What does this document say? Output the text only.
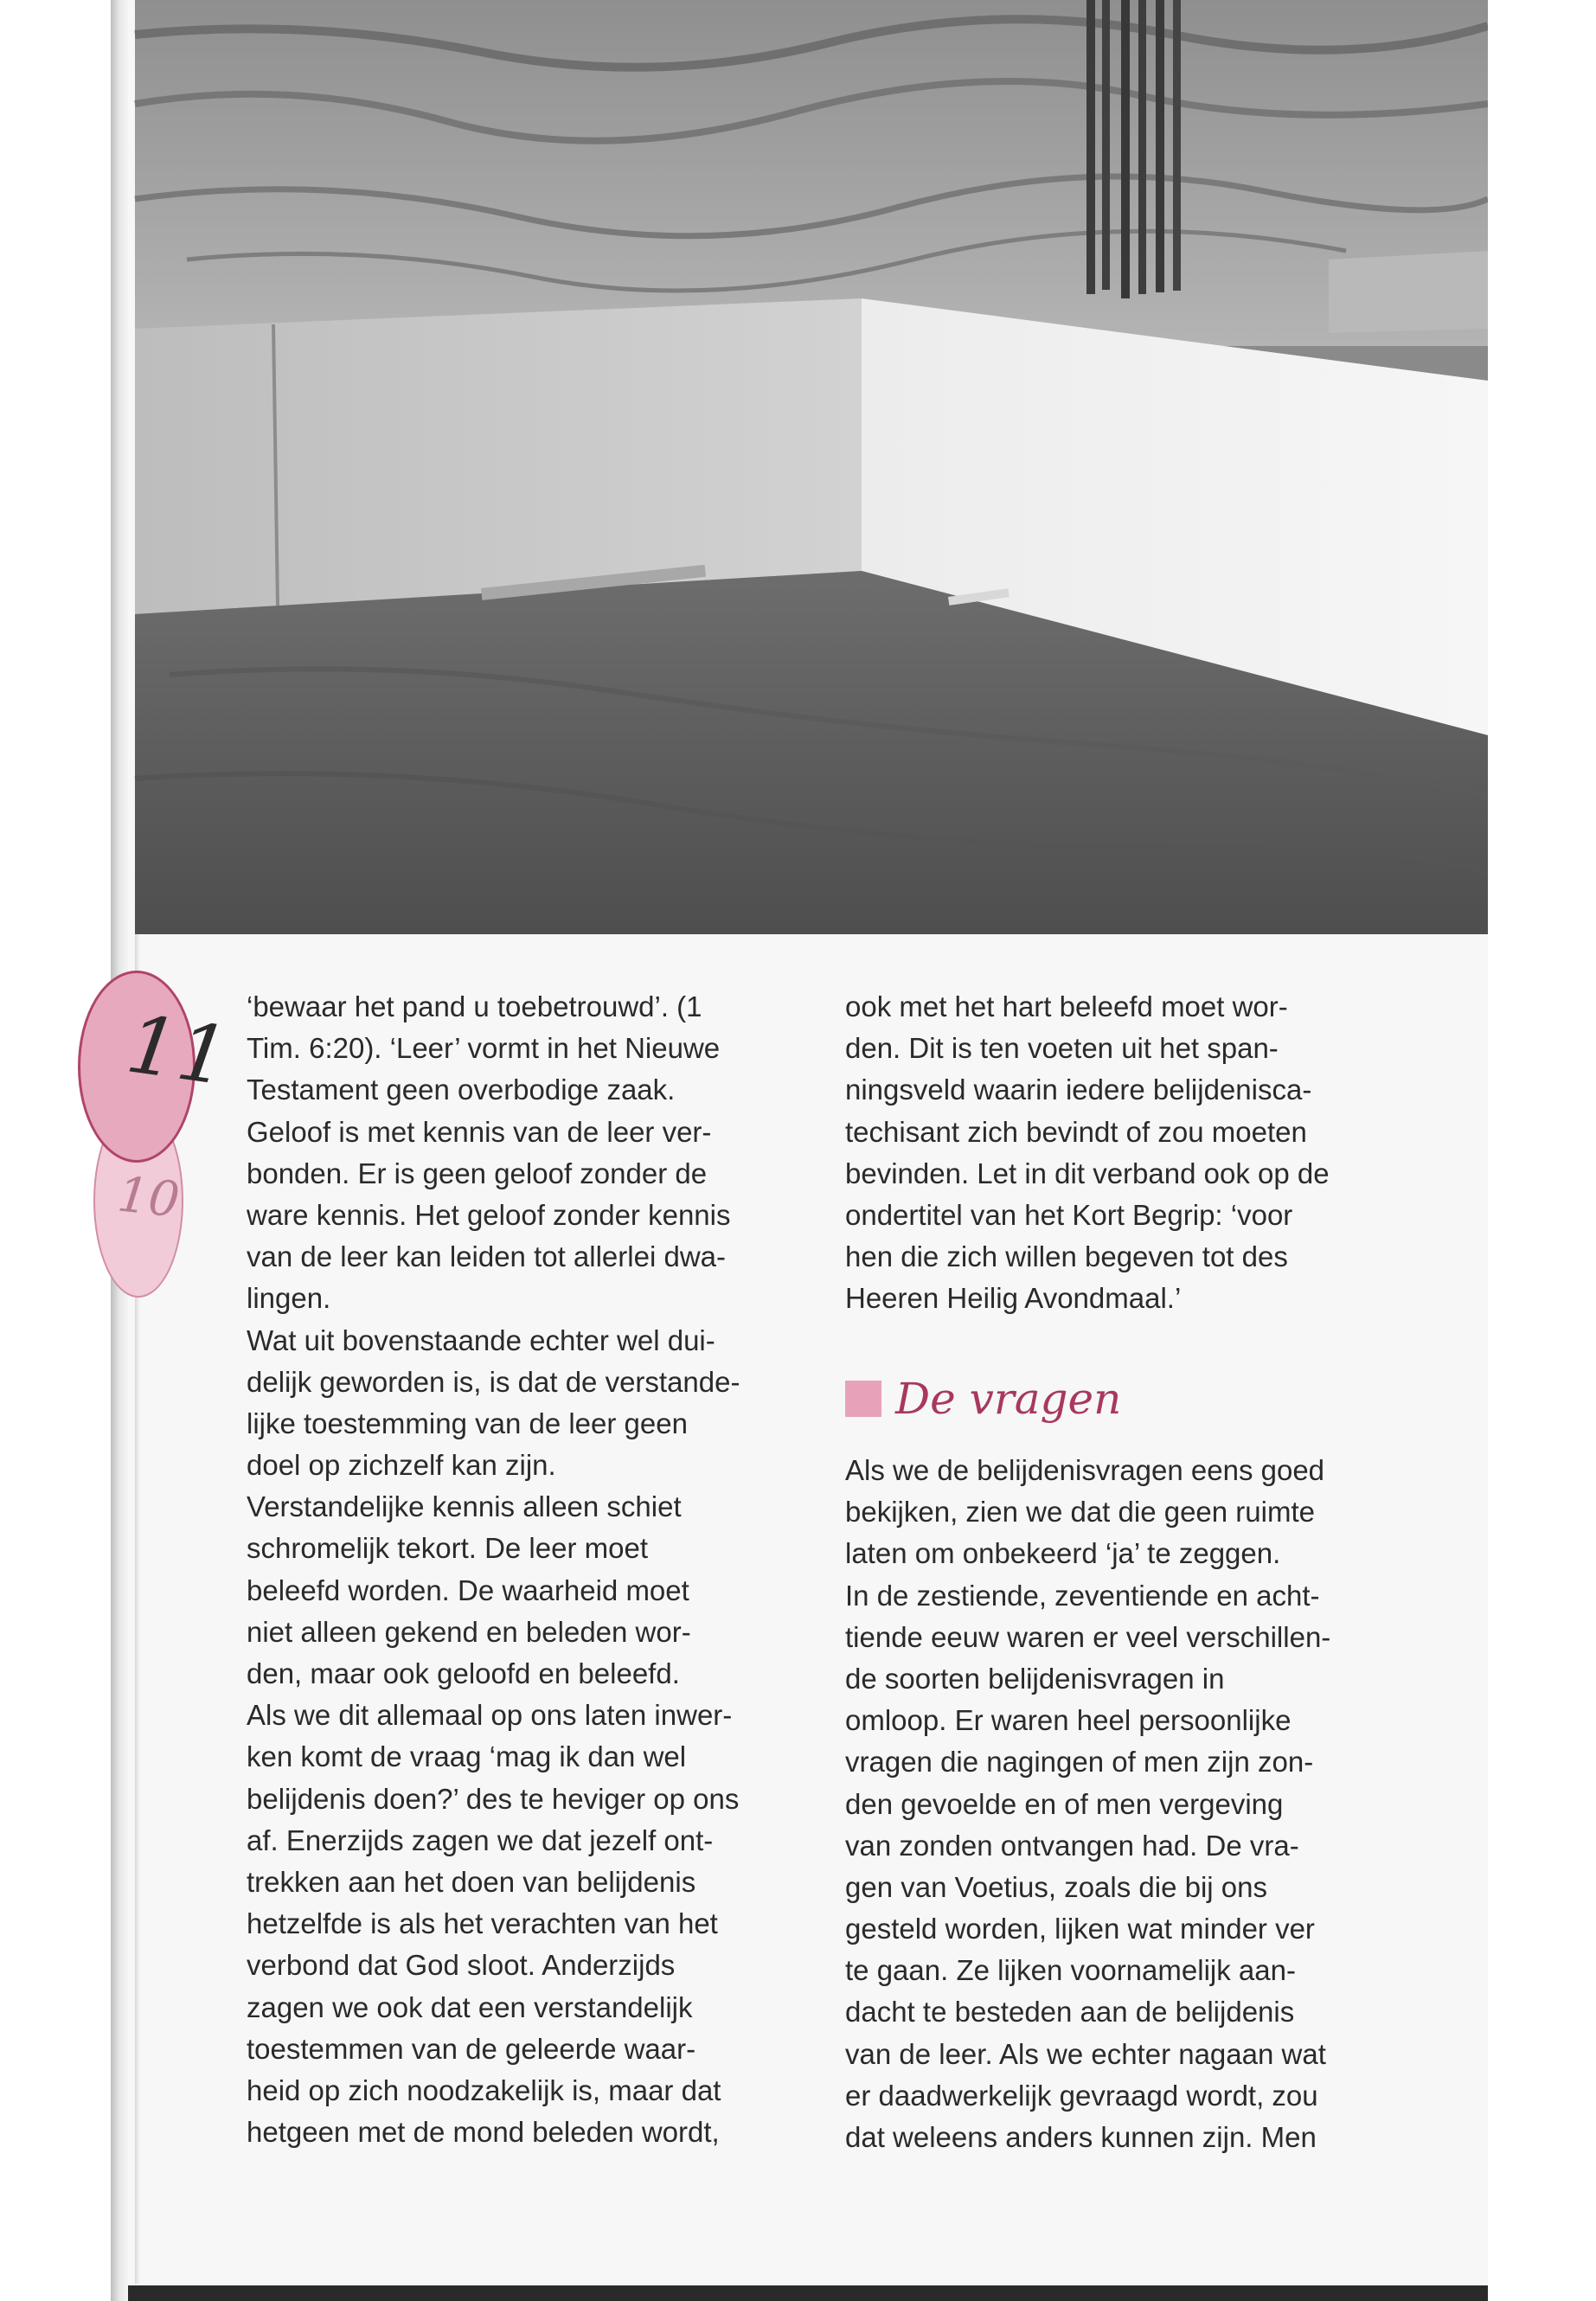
10
11 ‘bewaar het pand u toebetrouwd’. (1
Tim. 6:20). ‘Leer’ vormt in het Nieuwe
Testament geen overbodige zaak.
Geloof is met kennis van de leer ver-
bonden. Er is geen geloof zonder de
ware kennis. Het geloof zonder kennis
van de leer kan leiden tot allerlei dwa-
lingen.
Wat uit bovenstaande echter wel dui-
delijk geworden is, is dat de verstande-
lijke toestemming van de leer geen
doel op zichzelf kan zijn.
Verstandelijke kennis alleen schiet
schromelijk tekort. De leer moet
beleefd worden. De waarheid moet
niet alleen gekend en beleden wor-
den, maar ook geloofd en beleefd.
Als we dit allemaal op ons laten inwer-
ken komt de vraag ‘mag ik dan wel
belijdenis doen?’ des te heviger op ons
af. Enerzijds zagen we dat jezelf ont-
trekken aan het doen van belijdenis
hetzelfde is als het verachten van het
verbond dat God sloot. Anderzijds
zagen we ook dat een verstandelijk
toestemmen van de geleerde waar-
heid op zich noodzakelijk is, maar dat
hetgeen met de mond beleden wordt,
ook met het hart beleefd moet wor-
den. Dit is ten voeten uit het span-
ningsveld waarin iedere belijdenisca-
techisant zich bevindt of zou moeten
bevinden. Let in dit verband ook op de
ondertitel van het Kort Begrip: ‘voor
hen die zich willen begeven tot des
Heeren Heilig Avondmaal.’
De vragen
Als we de belijdenisvragen eens goed
bekijken, zien we dat die geen ruimte
laten om onbekeerd ‘ja’ te zeggen.
In de zestiende, zeventiende en acht-
tiende eeuw waren er veel verschillen-
de soorten belijdenisvragen in
omloop. Er waren heel persoonlijke
vragen die nagingen of men zijn zon-
den gevoelde en of men vergeving
van zonden ontvangen had. De vra-
gen van Voetius, zoals die bij ons
gesteld worden, lijken wat minder ver
te gaan. Ze lijken voornamelijk aan-
dacht te besteden aan de belijdenis
van de leer. Als we echter nagaan wat
er daadwerkelijk gevraagd wordt, zou
dat weleens anders kunnen zijn. Men
